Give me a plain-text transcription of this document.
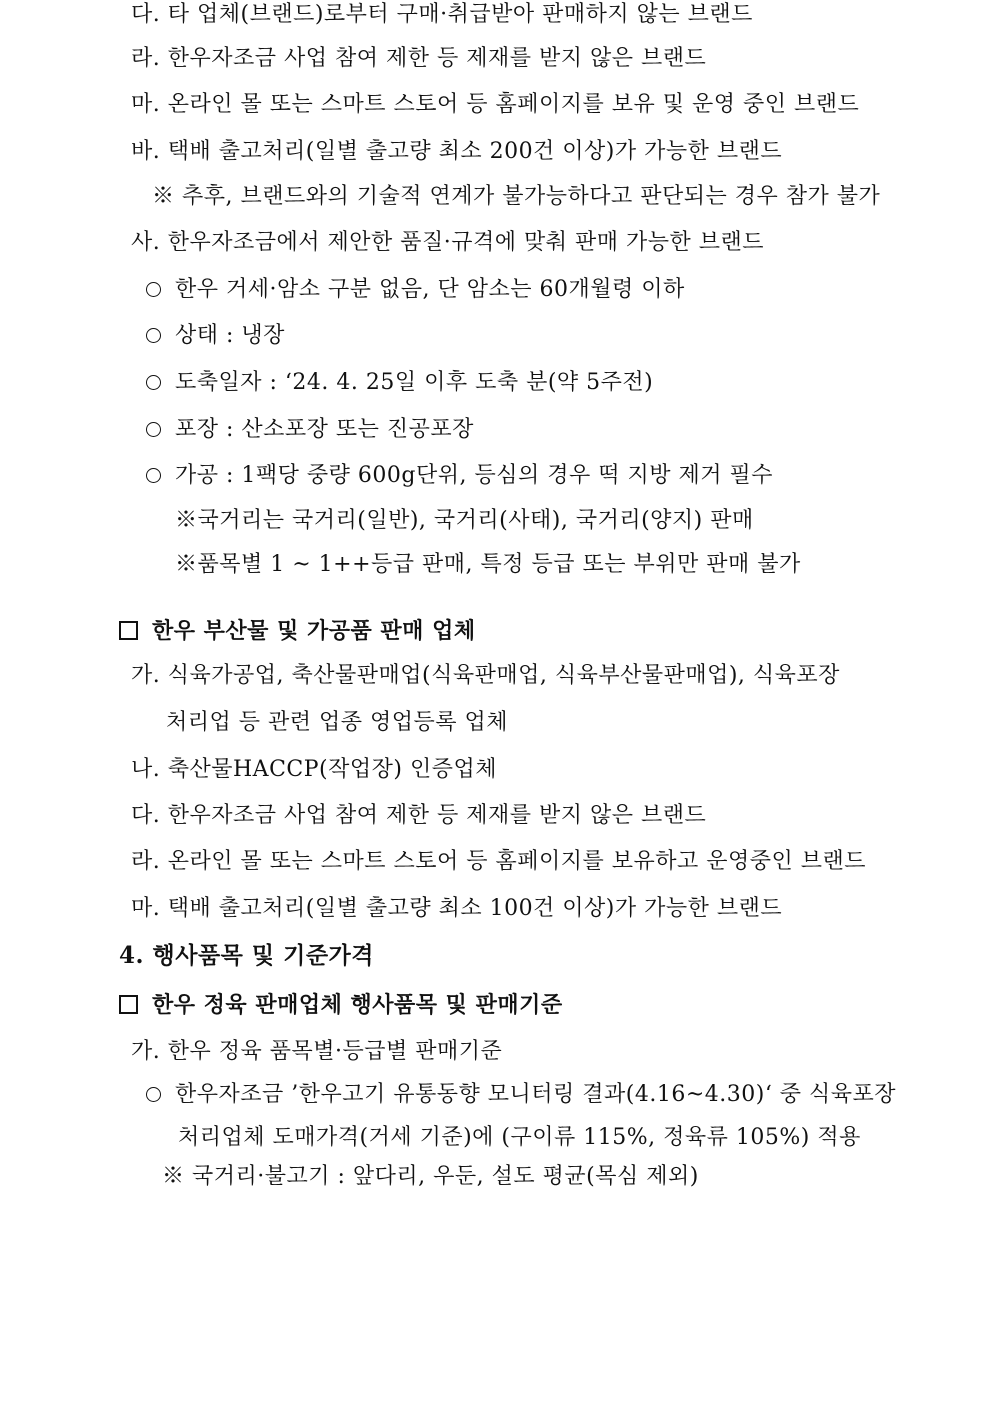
다. 타 업체(브랜드)로부터 구매·취급받아 판매하지 않는 브랜드
라. 한우자조금 사업 참여 제한 등 제재를 받지 않은 브랜드
마. 온라인 몰 또는 스마트 스토어 등 홈페이지를 보유 및 운영 중인 브랜드
바. 택배 출고처리(일별 출고량 최소 200건 이상)가 가능한 브랜드
※ 추후, 브랜드와의 기술적 연계가 불가능하다고 판단되는 경우 참가 불가
사. 한우자조금에서 제안한 품질·규격에 맞춰 판매 가능한 브랜드
한우 거세·암소 구분 없음, 단 암소는 60개월령 이하
상태 : 냉장
도축일자 : ‘24. 4. 25일 이후 도축 분(약 5주전)
포장 : 산소포장 또는 진공포장
가공 : 1팩당 중량 600g단위, 등심의 경우 떡 지방 제거 필수
※국거리는 국거리(일반), 국거리(사태), 국거리(양지) 판매
※품목별 1 ~ 1++등급 판매, 특정 등급 또는 부위만 판매 불가
한우 부산물 및 가공품 판매 업체
가. 식육가공업, 축산물판매업(식육판매업, 식육부산물판매업), 식육포장
처리업 등 관련 업종 영업등록 업체
나. 축산물HACCP(작업장) 인증업체
다. 한우자조금 사업 참여 제한 등 제재를 받지 않은 브랜드
라. 온라인 몰 또는 스마트 스토어 등 홈페이지를 보유하고 운영중인 브랜드
마. 택배 출고처리(일별 출고량 최소 100건 이상)가 가능한 브랜드
4. 행사품목 및 기준가격
한우 정육 판매업체 행사품목 및 판매기준
가. 한우 정육 품목별·등급별 판매기준
한우자조금 ’한우고기 유통동향 모니터링 결과(4.16~4.30)‘ 중 식육포장
처리업체 도매가격(거세 기준)에 (구이류 115%, 정육류 105%) 적용
※ 국거리·불고기 : 앞다리, 우둔, 설도 평균(목심 제외)
